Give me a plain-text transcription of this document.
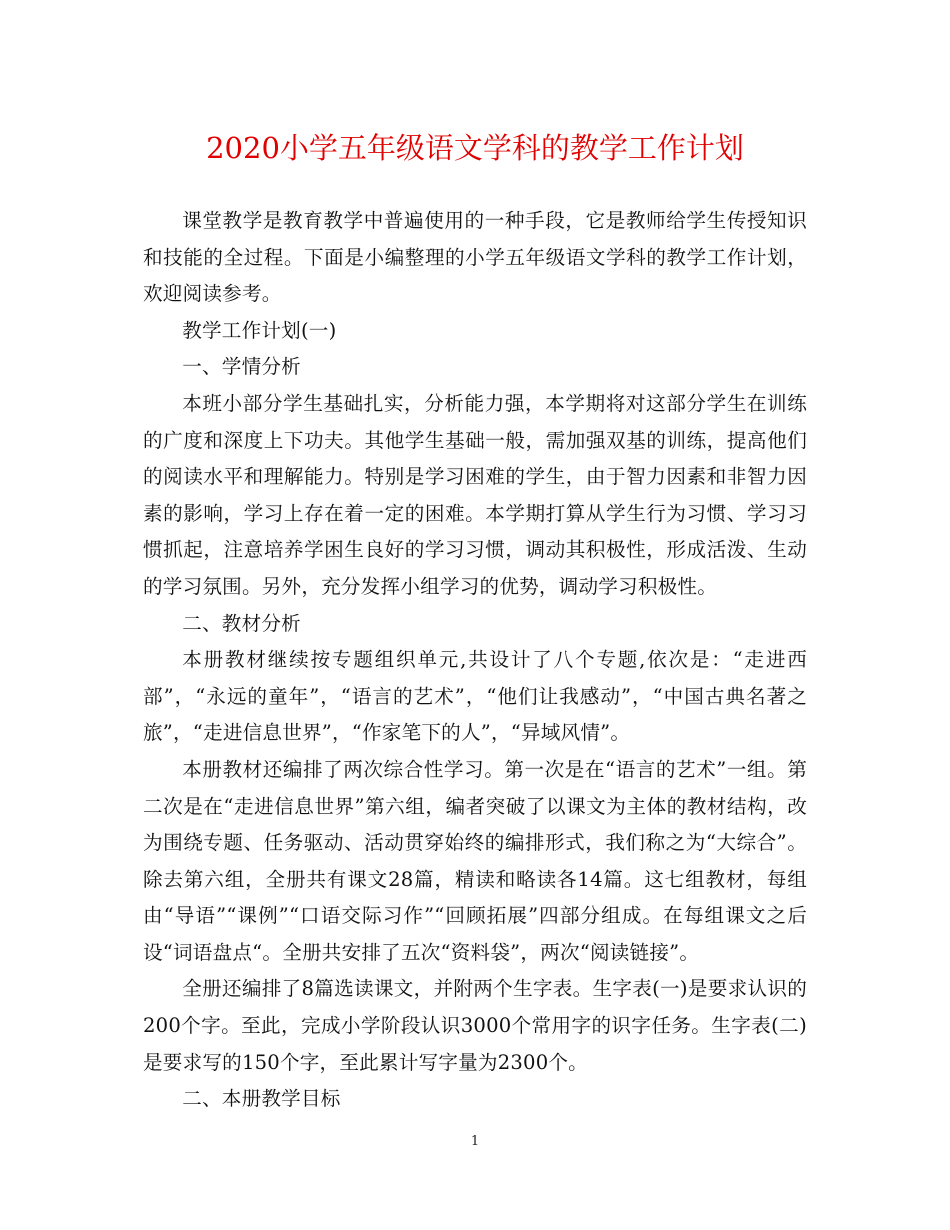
2020小学五年级语文学科的教学工作计划

课堂教学是教育教学中普遍使用的一种手段，它是教师给学生传授知识和技能的全过程。下面是小编整理的小学五年级语文学科的教学工作计划，欢迎阅读参考。

教学工作计划(一)

一、学情分析

本班小部分学生基础扎实，分析能力强，本学期将对这部分学生在训练的广度和深度上下功夫。其他学生基础一般，需加强双基的训练，提高他们的阅读水平和理解能力。特别是学习困难的学生，由于智力因素和非智力因素的影响，学习上存在着一定的困难。本学期打算从学生行为习惯、学习习惯抓起，注意培养学困生良好的学习习惯，调动其积极性，形成活泼、生动的学习氛围。另外，充分发挥小组学习的优势，调动学习积极性。

二、教材分析

本册教材继续按专题组织单元,共设计了八个专题,依次是：“走进西部”，“永远的童年”，“语言的艺术”，“他们让我感动”，“中国古典名著之旅”，“走进信息世界”，“作家笔下的人”，“异域风情”。

本册教材还编排了两次综合性学习。第一次是在“语言的艺术”一组。第二次是在“走进信息世界”第六组，编者突破了以课文为主体的教材结构，改为围绕专题、任务驱动、活动贯穿始终的编排形式，我们称之为“大综合”。除去第六组，全册共有课文28篇，精读和略读各14篇。这七组教材，每组由“导语”“课例”“口语交际习作”“回顾拓展”四部分组成。在每组课文之后设“词语盘点“。全册共安排了五次“资料袋”，两次“阅读链接”。

全册还编排了8篇选读课文，并附两个生字表。生字表(一)是要求认识的200个字。至此，完成小学阶段认识3000个常用字的识字任务。生字表(二)是要求写的150个字，至此累计写字量为2300个。

二、本册教学目标

1
